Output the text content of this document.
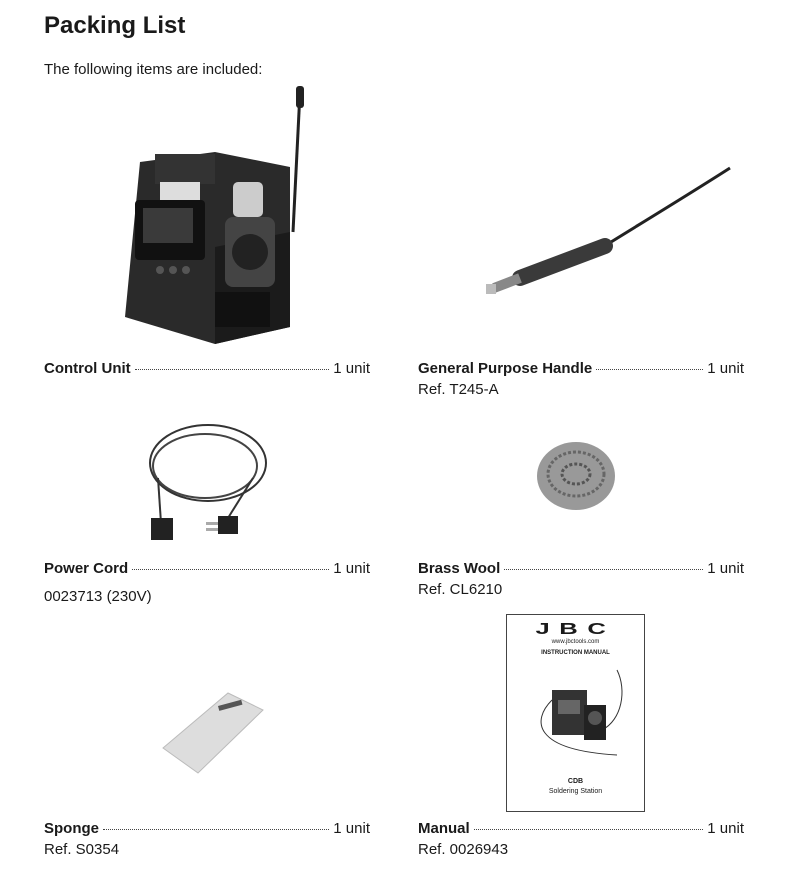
Packing List
The following items are included:
Control Unit	1 unit	General Purpose Handle	1 unit
Ref. T245-A
Power Cord	1 unit
0023713 (230V)
Brass Wool	1 unit
Ref. CL6210
Sponge	1 unit
Ref. S0354
JBC
www.jbctools.com
INSTRUCTION MANUAL
CDB
Soldering Station
Manual	1 unit
Ref. 0026943
